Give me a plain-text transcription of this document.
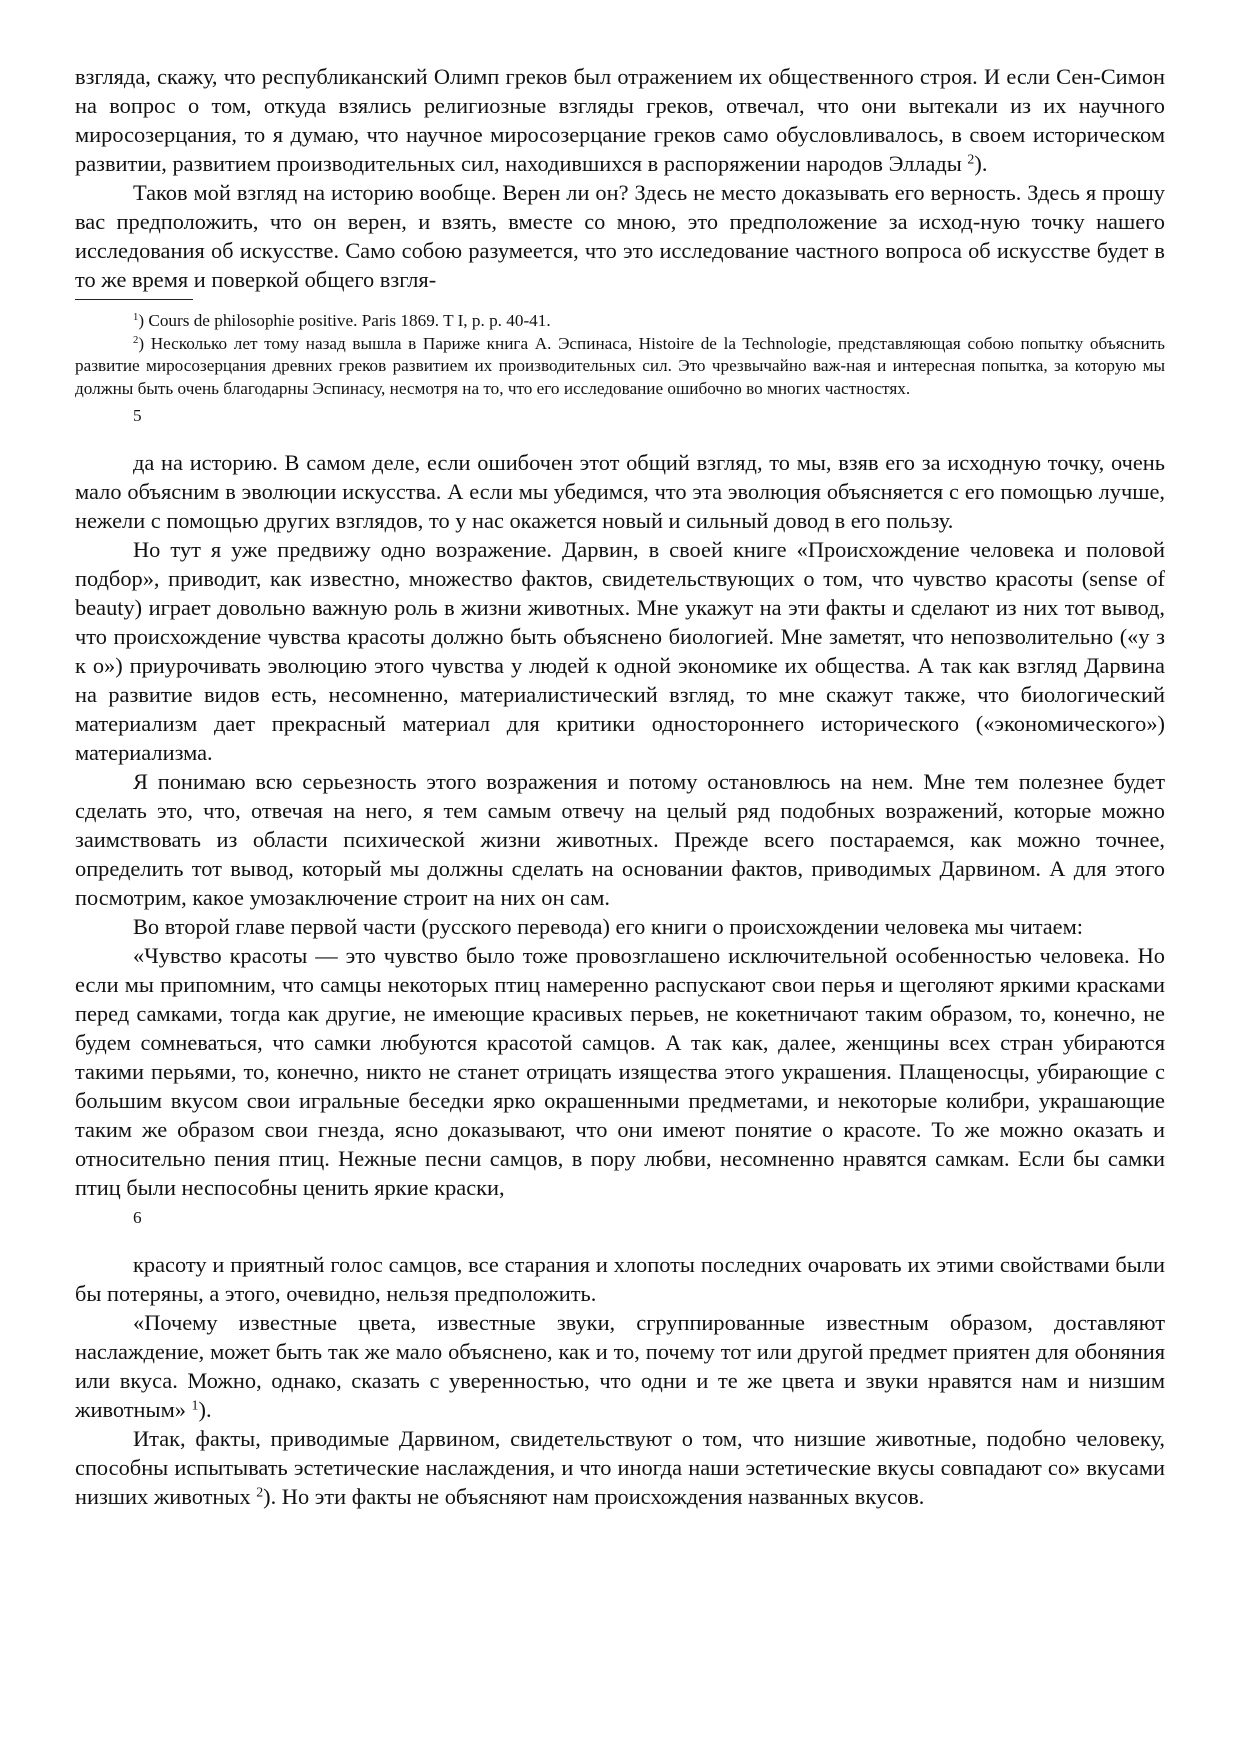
взгляда, скажу, что республиканский Олимп греков был отражением их общественного строя. И если Сен-Симон на вопрос о том, откуда взялись религиозные взгляды греков, отвечал, что они вытекали из их научного миросозерцания, то я думаю, что научное миросозерцание греков само обусловливалось, в своем историческом развитии, развитием производительных сил, находившихся в распоряжении народов Эллады $^2$).

Таков мой взгляд на историю вообще. Верен ли он? Здесь не место доказывать его верность. Здесь я прошу вас предположить, что он верен, и взять, вместе со мною, это предположение за исход-ную точку нашего исследования об искусстве. Само собою разумеется, что это исследование частного вопроса об искусстве будет в то же время и поверкой общего взгля-

$^1$) Cours de philosophie positive. Paris 1869. T I, p. p. 40-41.

$^2$) Несколько лет тому назад вышла в Париже книга А. Эспинаса, Histoire de la Technologie, представляющая собою попытку объяснить развитие миросозерцания древних греков развитием их производительных сил. Это чрезвычайно важ-ная и интересная попытка, за которую мы должны быть очень благодарны Эспинасу, несмотря на то, что его исследование ошибочно во многих частностях.

5

да на историю. В самом деле, если ошибочен этот общий взгляд, то мы, взяв его за исходную точку, очень мало объясним в эволюции искусства. А если мы убедимся, что эта эволюция объясняется с его помощью лучше, нежели с помощью других взглядов, то у нас окажется новый и сильный довод в его пользу.

Но тут я уже предвижу одно возражение. Дарвин, в своей книге «Происхождение человека и половой подбор», приводит, как известно, множество фактов, свидетельствующих о том, что чувство красоты (sense of beauty) играет довольно важную роль в жизни животных. Мне укажут на эти факты и сделают из них тот вывод, что происхождение чувства красоты должно быть объяснено биологией. Мне заметят, что непозволительно («у з к о») приурочивать эволюцию этого чувства у людей к одной экономике их общества. А так как взгляд Дарвина на развитие видов есть, несомненно, материалистический взгляд, то мне скажут также, что биологический материализм дает прекрасный материал для критики одностороннего исторического («экономического») материализма.

Я понимаю всю серьезность этого возражения и потому остановлюсь на нем. Мне тем полезнее будет сделать это, что, отвечая на него, я тем самым отвечу на целый ряд подобных возражений, которые можно заимствовать из области психической жизни животных. Прежде всего постараемся, как можно точнее, определить тот вывод, который мы должны сделать на основании фактов, приводимых Дарвином. А для этого посмотрим, какое умозаключение строит на них он сам.

Во второй главе первой части (русского перевода) его книги о происхождении человека мы читаем:

«Чувство красоты — это чувство было тоже провозглашено исключительной особенностью человека. Но если мы припомним, что самцы некоторых птиц намеренно распускают свои перья и щеголяют яркими красками перед самками, тогда как другие, не имеющие красивых перьев, не кокетничают таким образом, то, конечно, не будем сомневаться, что самки любуются красотой самцов. А так как, далее, женщины всех стран убираются такими перьями, то, конечно, никто не станет отрицать изящества этого украшения. Плащеносцы, убирающие с большим вкусом свои игральные беседки ярко окрашенными предметами, и некоторые колибри, украшающие таким же образом свои гнезда, ясно доказывают, что они имеют понятие о красоте. То же можно оказать и относительно пения птиц. Нежные песни самцов, в пору любви, несомненно нравятся самкам. Если бы самки птиц были неспособны ценить яркие краски,

6

красоту и приятный голос самцов, все старания и хлопоты последних очаровать их этими свойствами были бы потеряны, а этого, очевидно, нельзя предположить.

«Почему известные цвета, известные звуки, сгруппированные известным образом, доставляют наслаждение, может быть так же мало объяснено, как и то, почему тот или другой предмет приятен для обоняния или вкуса. Можно, однако, сказать с уверенностью, что одни и те же цвета и звуки нравятся нам и низшим животным» $^1$).

Итак, факты, приводимые Дарвином, свидетельствуют о том, что низшие животные, подобно человеку, способны испытывать эстетические наслаждения, и что иногда наши эстетические вкусы совпадают со» вкусами низших животных $^2$). Но эти факты не объясняют нам происхождения названных вкусов.
